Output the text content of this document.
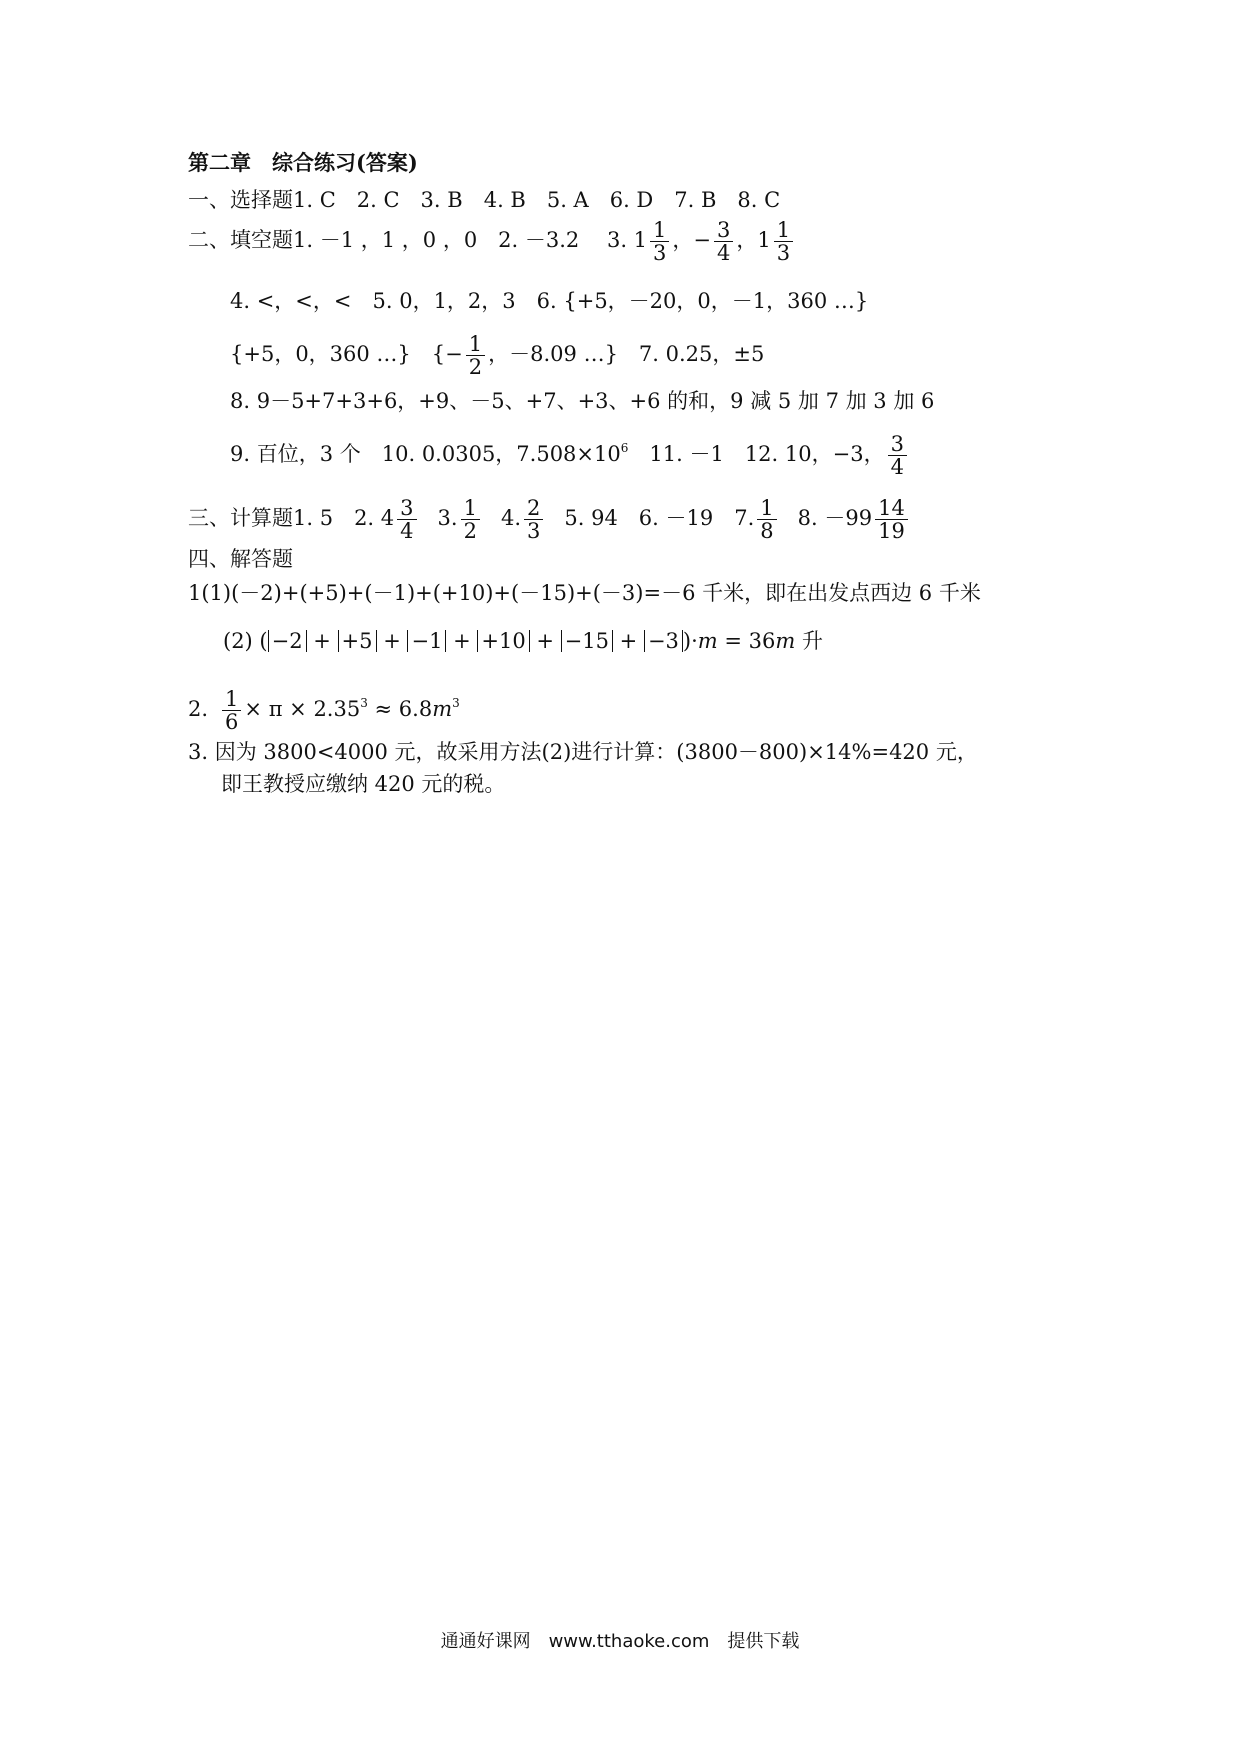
第二章　综合练习(答案)
一、选择题1. C　2. C　3. B　4. B　5. A　6. D　7. B　8. C
二、填空题1. －1 ，1 ，0 ，0　2. －3.2　 3. $1 \frac{1}{3}$ ，− $\frac{3}{4}$ ，$1 \frac{1}{3}$
4. <，<，<　5. 0，1，2，3　6. {+5，－20，0，－1，360 …}
{+5，0，360 …}　{− $\frac{1}{2}$ ，－8.09 …}　7. 0.25，±5
8. 9－5+7+3+6，+9、－5、+7、+3、+6 的和，9 减 5 加 7 加 3 加 6
9. 百位，3 个　10. 0.0305，$7.508\times 10^6$　11. －1　12. 10，−3， $\frac{3}{4}$
三、计算题1. 5　2. $4 \frac{3}{4} 3$. $\frac{1}{2} 4$. $\frac{2}{3} 5$. 94　6. －19　7. $\frac{1}{8} 8$. $-99 \frac{14}{19}$
四、解答题
1(1)(－2)+(+5)+(－1)+(+10)+(－15)+(－3)=－6 千米，即在出发点西边 6 千米
(2) ( −2 + +5 + −1 + +10 + −15 + −3 )·m = 36m 升
2. $\frac{1}{6} \times \pi \times 2.35^3 \approx 6.8m^3$
3. 因为 3800<4000 元，故采用方法(2)进行计算：(3800－800)×14%=420 元，
即王教授应缴纳 420 元的税。
通通好课网　www.tthaoke.com　提供下载
